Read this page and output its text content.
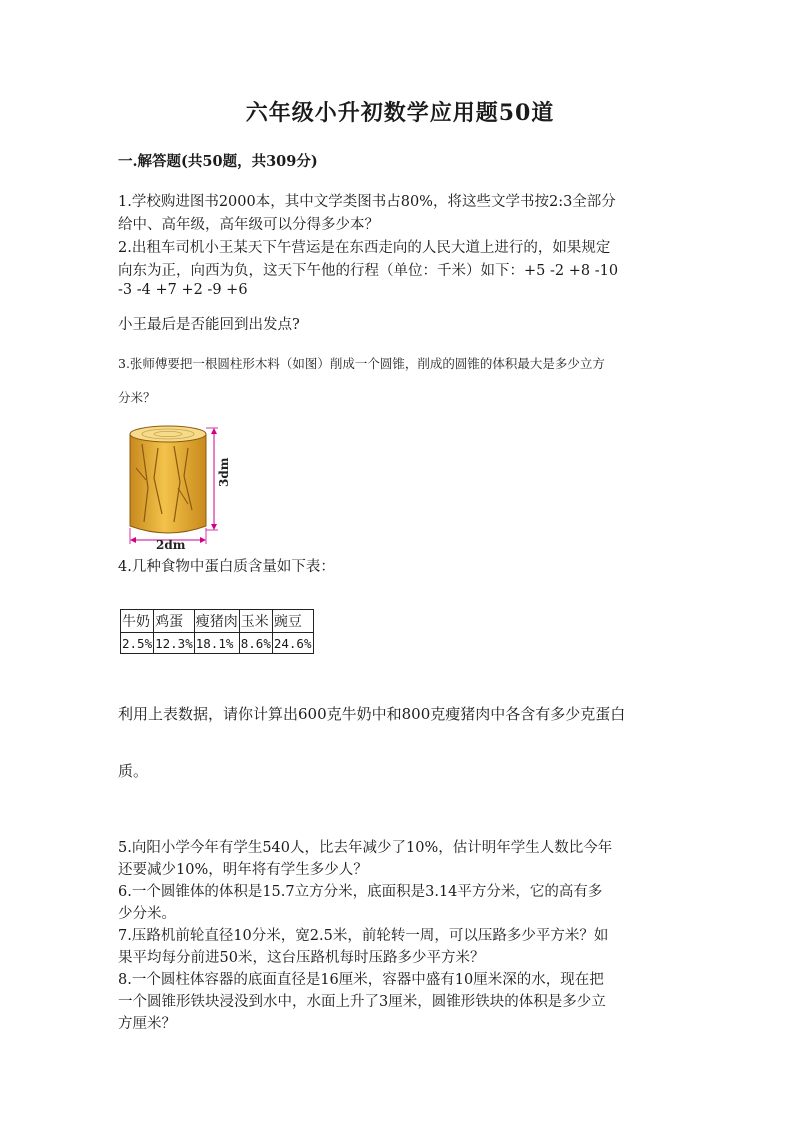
六年级小升初数学应用题50道
一.解答题(共50题，共309分)
1.学校购进图书2000本，其中文学类图书占80%，将这些文学书按2:3全部分
给中、高年级，高年级可以分得多少本？
2.出租车司机小王某天下午营运是在东西走向的人民大道上进行的，如果规定
向东为正，向西为负，这天下午他的行程（单位：千米）如下：+5 -2 +8 -10
-3 -4 +7 +2 -9 +6
小王最后是否能回到出发点?
3.张师傅要把一根圆柱形木料（如图）削成一个圆锥，削成的圆锥的体积最大是多少立方
分米？
3dm
2dm
4.几种食物中蛋白质含量如下表：
牛奶	鸡蛋	瘦猪肉	玉米	豌豆
2.5%	12.3%	18.1%	8.6%	24.6%
利用上表数据，请你计算出600克牛奶中和800克瘦猪肉中各含有多少克蛋白
质。
5.向阳小学今年有学生540人，比去年减少了10%，估计明年学生人数比今年
还要减少10%，明年将有学生多少人？
6.一个圆锥体的体积是15.7立方分米，底面积是3.14平方分米，它的高有多
少分米。
7.压路机前轮直径10分米，宽2.5米，前轮转一周，可以压路多少平方米？如
果平均每分前进50米，这台压路机每时压路多少平方米？
8.一个圆柱体容器的底面直径是16厘米，容器中盛有10厘米深的水，现在把
一个圆锥形铁块浸没到水中，水面上升了3厘米，圆锥形铁块的体积是多少立
方厘米？
